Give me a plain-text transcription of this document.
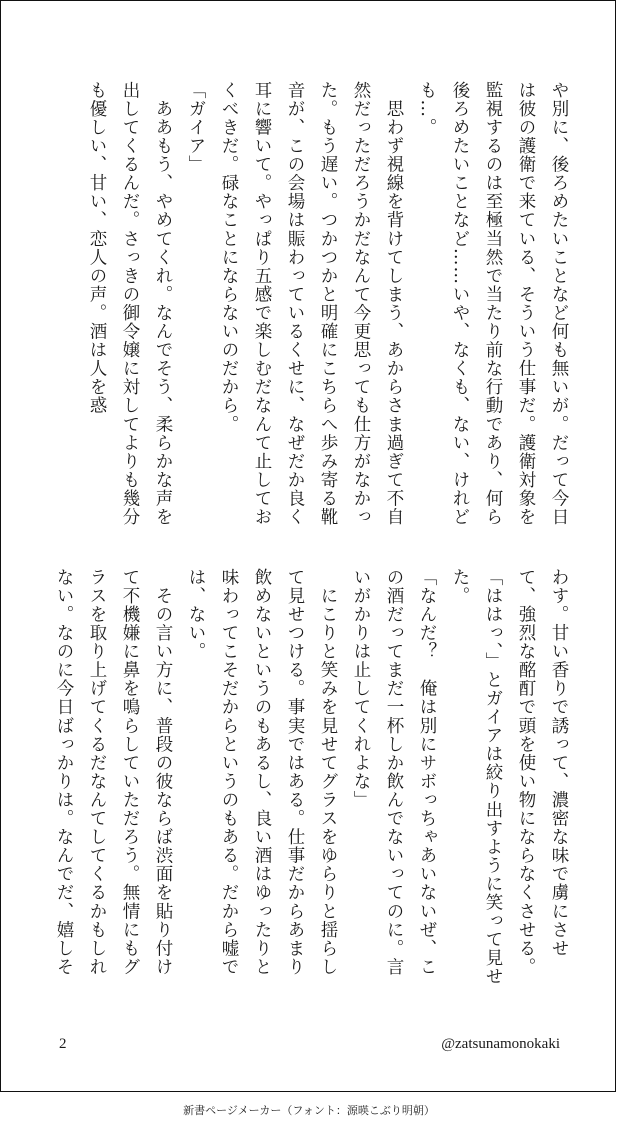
や別に、後ろめたいことなど何も無いが。だって今日は彼の護衛で来ている、そういう仕事だ。護衛対象を監視するのは至極当然で当たり前な行動であり、何ら後ろめたいことなど……いや、なくも、ない、けれども…。
　思わず視線を背けてしまう、あからさま過ぎて不自然だっただろうかだなんて今更思っても仕方がなかった。もう遅い。つかつかと明確にこちらへ歩み寄る靴音が、この会場は賑わっているくせに、なぜだか良く耳に響いて。やっぱり五感で楽しむだなんて止しておくべきだ。碌なことにならないのだから。
「ガイア」
　ああもう、やめてくれ。なんでそう、柔らかな声を出してくるんだ。さっきの御令嬢に対してよりも幾分も優しい、甘い、恋人の声。酒は人を惑
わす。甘い香りで誘って、濃密な味で虜にさせて、強烈な酩酊で頭を使い物にならなくさせる。
「ははっ、」とガイアは絞り出すように笑って見せた。
「なんだ？　俺は別にサボっちゃあいないぜ、この酒だってまだ一杯しか飲んでないってのに。言いがかりは止してくれよな」
　にこりと笑みを見せてグラスをゆらりと揺らして見せつける。事実ではある。仕事だからあまり飲めないというのもあるし、良い酒はゆったりと味わってこそだからというのもある。だから嘘では、ない。
　その言い方に、普段の彼ならば渋面を貼り付けて不機嫌に鼻を鳴らしていただろう。無情にもグラスを取り上げてくるだなんてしてくるかもしれない。なのに今日ばっかりは。なんでだ、嬉しそ
2	@zatsunamonokaki
新書ページメーカー（フォント：源暎こぶり明朝）
